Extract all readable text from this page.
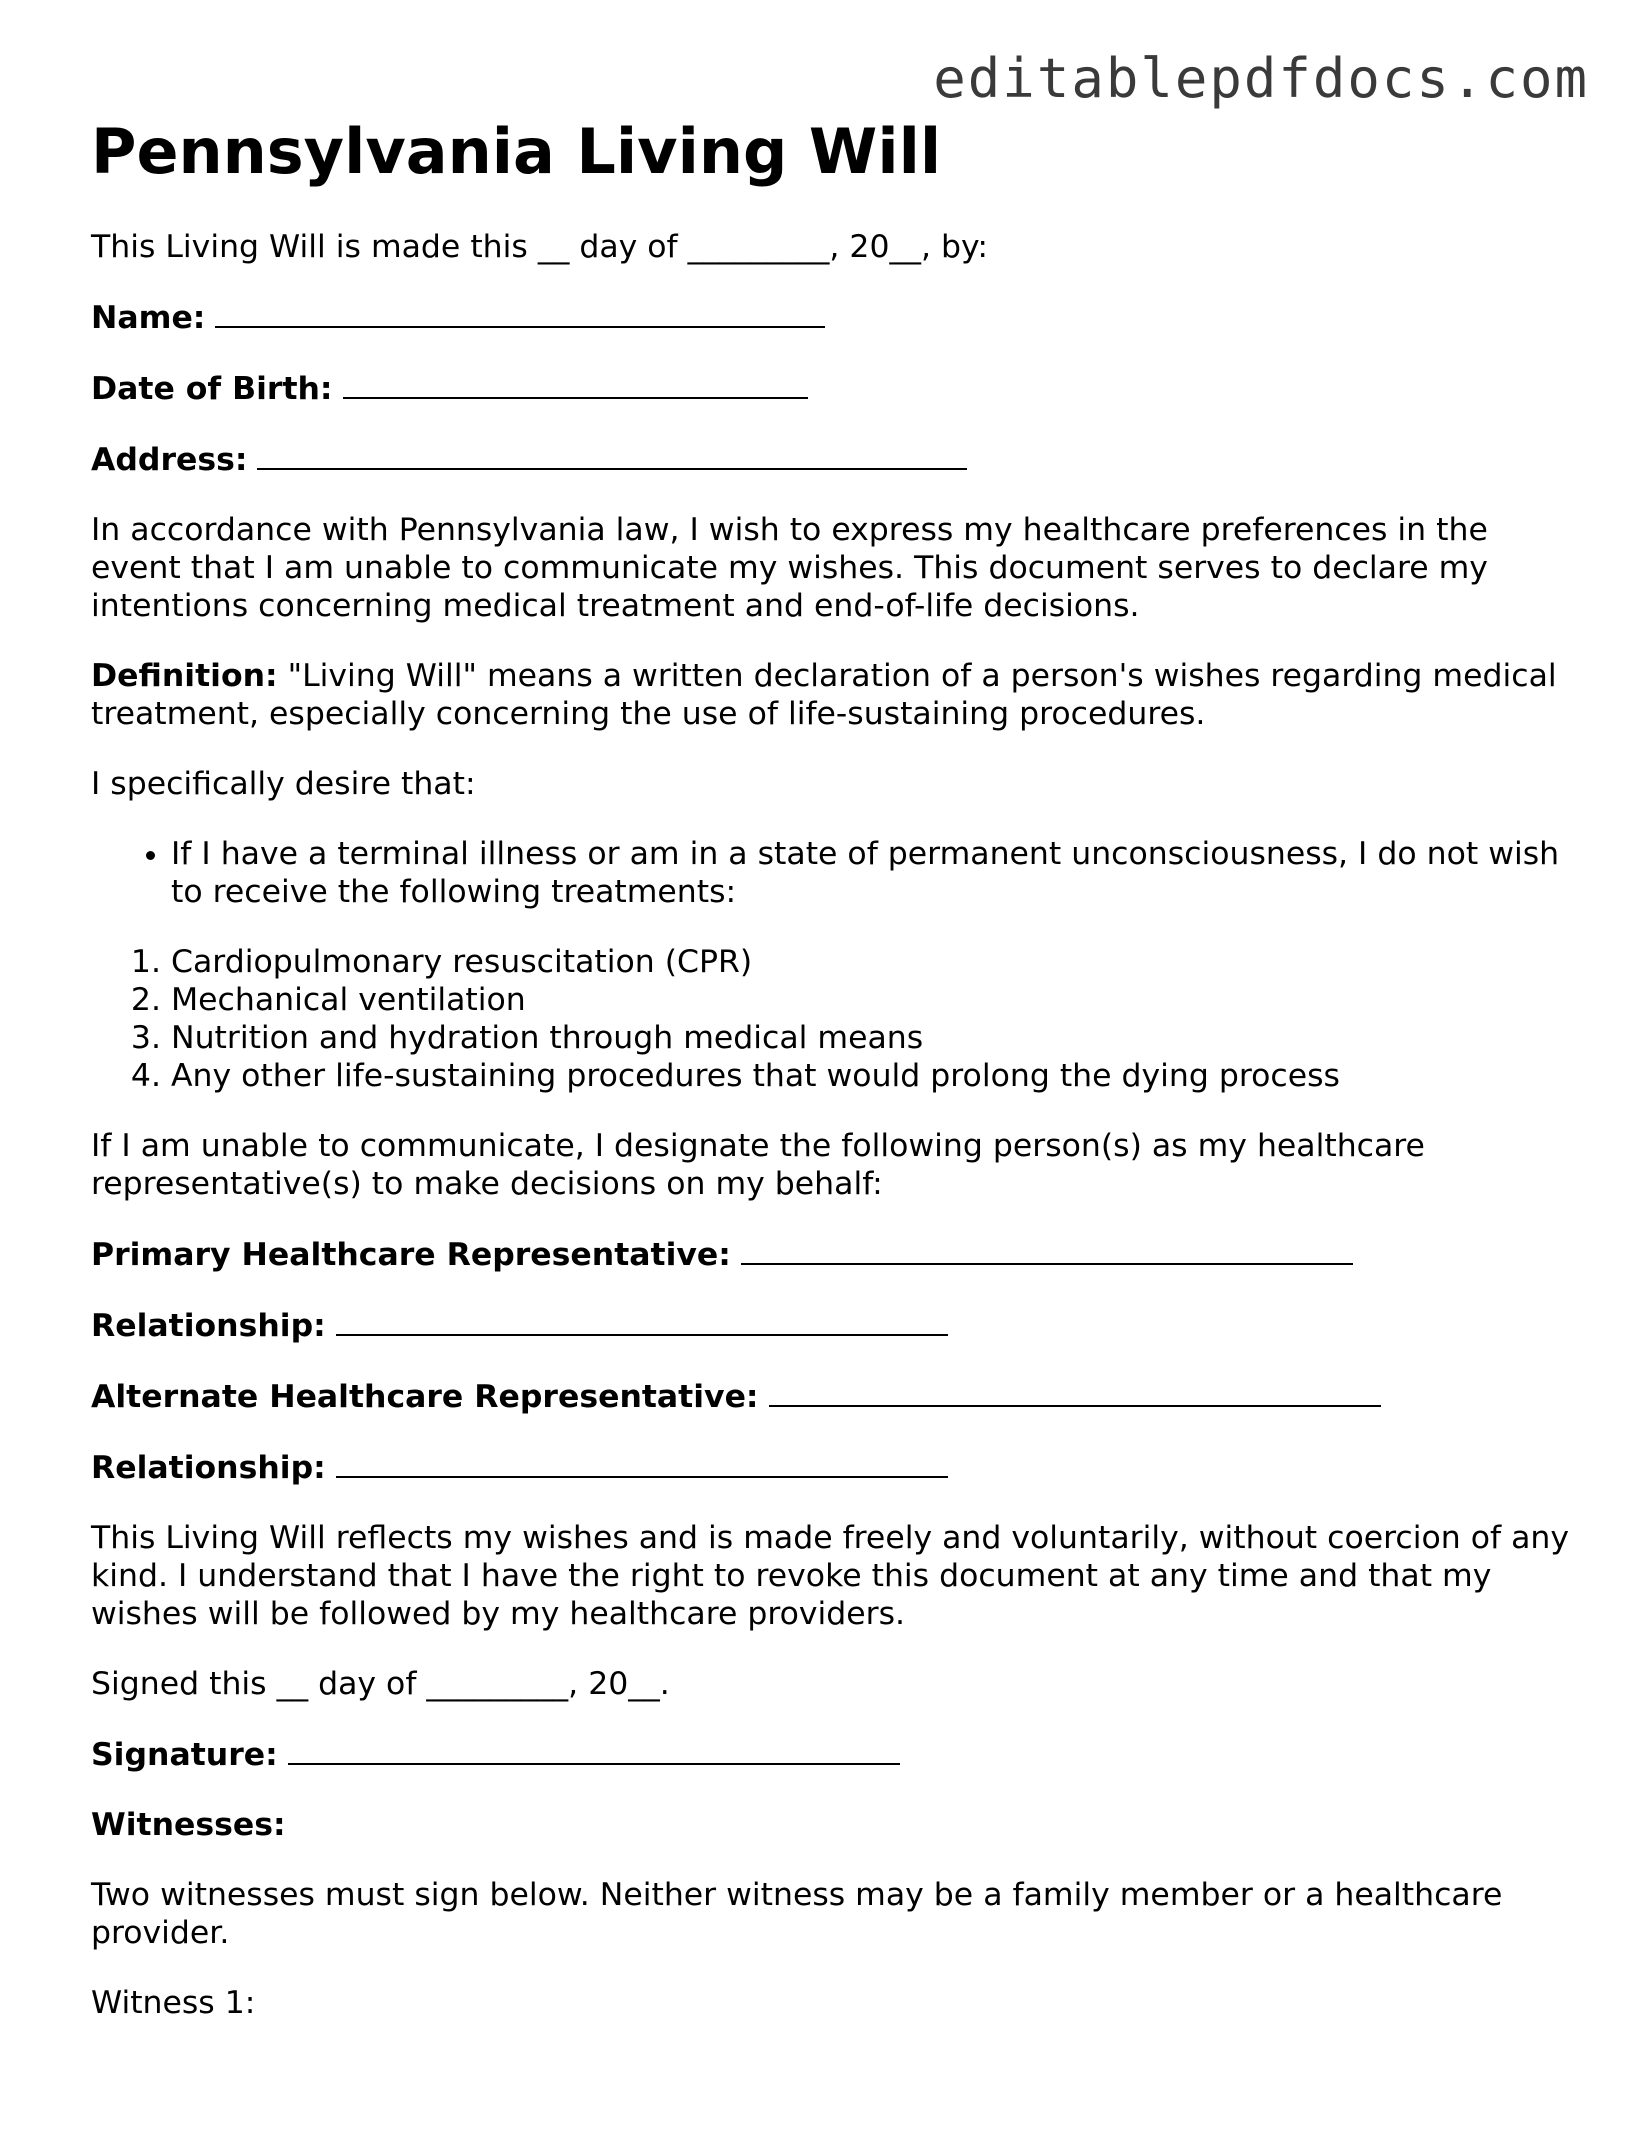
editablepdfdocs.com
Pennsylvania Living Will

This Living Will is made this __ day of _________, 20__, by:

Name:
Date of Birth:
Address:

In accordance with Pennsylvania law, I wish to express my healthcare preferences in the event that I am unable to communicate my wishes. This document serves to declare my intentions concerning medical treatment and end-of-life decisions.

Definition: "Living Will" means a written declaration of a person's wishes regarding medical treatment, especially concerning the use of life-sustaining procedures.

I specifically desire that:

• If I have a terminal illness or am in a state of permanent unconsciousness, I do not wish to receive the following treatments:
1. Cardiopulmonary resuscitation (CPR)
2. Mechanical ventilation
3. Nutrition and hydration through medical means
4. Any other life-sustaining procedures that would prolong the dying process

If I am unable to communicate, I designate the following person(s) as my healthcare representative(s) to make decisions on my behalf:

Primary Healthcare Representative:
Relationship:
Alternate Healthcare Representative:
Relationship:

This Living Will reflects my wishes and is made freely and voluntarily, without coercion of any kind. I understand that I have the right to revoke this document at any time and that my wishes will be followed by my healthcare providers.

Signed this __ day of _________, 20__.

Signature:

Witnesses:

Two witnesses must sign below. Neither witness may be a family member or a healthcare provider.

Witness 1:
